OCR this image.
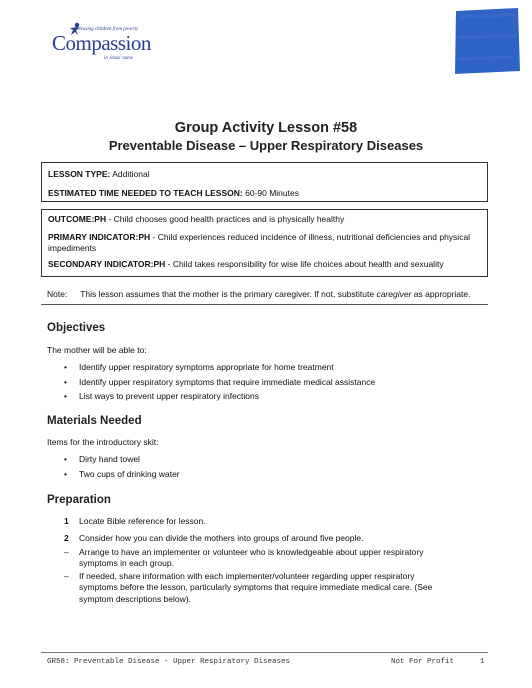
Releasing children from poverty
Compassion
in Jesus' name
Group Activity Lesson #58
Preventable Disease – Upper Respiratory Diseases
LESSON TYPE: Additional
ESTIMATED TIME NEEDED TO TEACH LESSON: 60-90 Minutes
OUTCOME:PH - Child chooses good health practices and is physically healthy
PRIMARY INDICATOR:PH - Child experiences reduced incidence of illness, nutritional deficiencies and physical
impediments
SECONDARY INDICATOR:PH - Child takes responsibility for wise life choices about health and sexuality
Note: This lesson assumes that the mother is the primary caregiver. If not, substitute caregiver as appropriate.
Objectives
The mother will be able to:
• Identify upper respiratory symptoms appropriate for home treatment
• Identify upper respiratory symptoms that require immediate medical assistance
• List ways to prevent upper respiratory infections
Materials Needed
Items for the introductory skit:
• Dirty hand towel
• Two cups of drinking water
Preparation
1 Locate Bible reference for lesson.
2 Consider how you can divide the mothers into groups of around five people.
– Arrange to have an implementer or volunteer who is knowledgeable about upper respiratory
symptoms in each group.
– If needed, share information with each implementer/volunteer regarding upper respiratory
symptoms before the lesson, particularly symptoms that require immediate medical care. (See
symptom descriptions below).
GR58: Preventable Disease - Upper Respiratory Diseases	Not For Profit	1
